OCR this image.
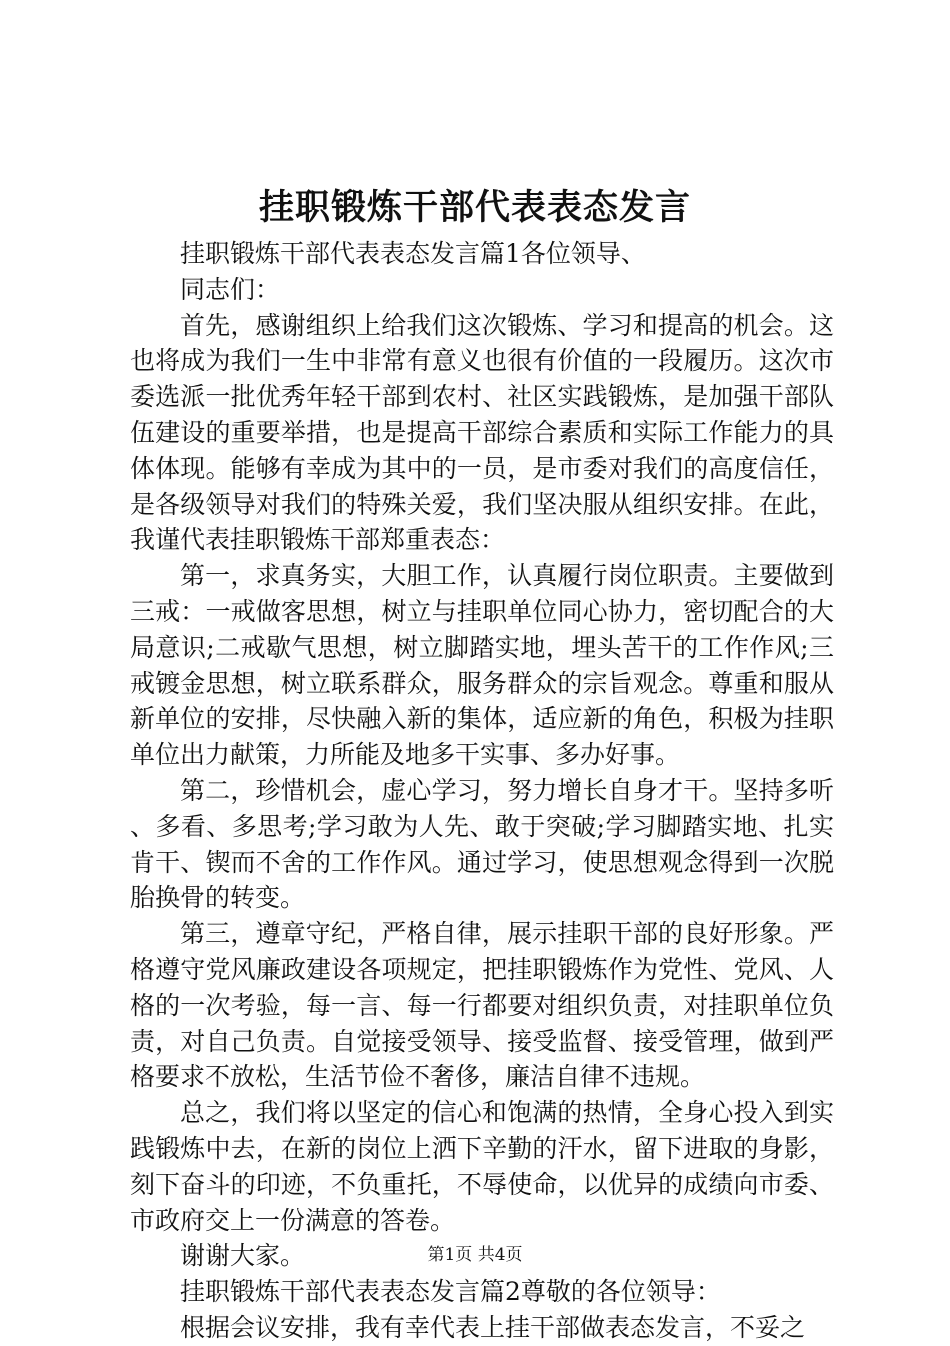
挂职锻炼干部代表表态发言

挂职锻炼干部代表表态发言篇1各位领导、

同志们：

首先，感谢组织上给我们这次锻炼、学习和提高的机会。这也将成为我们一生中非常有意义也很有价值的一段履历。这次市委选派一批优秀年轻干部到农村、社区实践锻炼，是加强干部队伍建设的重要举措，也是提高干部综合素质和实际工作能力的具体体现。能够有幸成为其中的一员，是市委对我们的高度信任，是各级领导对我们的特殊关爱，我们坚决服从组织安排。在此，我谨代表挂职锻炼干部郑重表态：

第一，求真务实，大胆工作，认真履行岗位职责。主要做到三戒：一戒做客思想，树立与挂职单位同心协力，密切配合的大局意识;二戒歇气思想，树立脚踏实地，埋头苦干的工作作风;三戒镀金思想，树立联系群众，服务群众的宗旨观念。尊重和服从新单位的安排，尽快融入新的集体，适应新的角色，积极为挂职单位出力献策，力所能及地多干实事、多办好事。

第二，珍惜机会，虚心学习，努力增长自身才干。坚持多听、多看、多思考;学习敢为人先、敢于突破;学习脚踏实地、扎实肯干、锲而不舍的工作作风。通过学习，使思想观念得到一次脱胎换骨的转变。

第三，遵章守纪，严格自律，展示挂职干部的良好形象。严格遵守党风廉政建设各项规定，把挂职锻炼作为党性、党风、人格的一次考验，每一言、每一行都要对组织负责，对挂职单位负责，对自己负责。自觉接受领导、接受监督、接受管理，做到严格要求不放松，生活节俭不奢侈，廉洁自律不违规。

总之，我们将以坚定的信心和饱满的热情，全身心投入到实践锻炼中去，在新的岗位上洒下辛勤的汗水，留下进取的身影，刻下奋斗的印迹，不负重托，不辱使命，以优异的成绩向市委、市政府交上一份满意的答卷。

谢谢大家。

挂职锻炼干部代表表态发言篇2尊敬的各位领导：

根据会议安排，我有幸代表上挂干部做表态发言，不妥之

第1页 共4页
